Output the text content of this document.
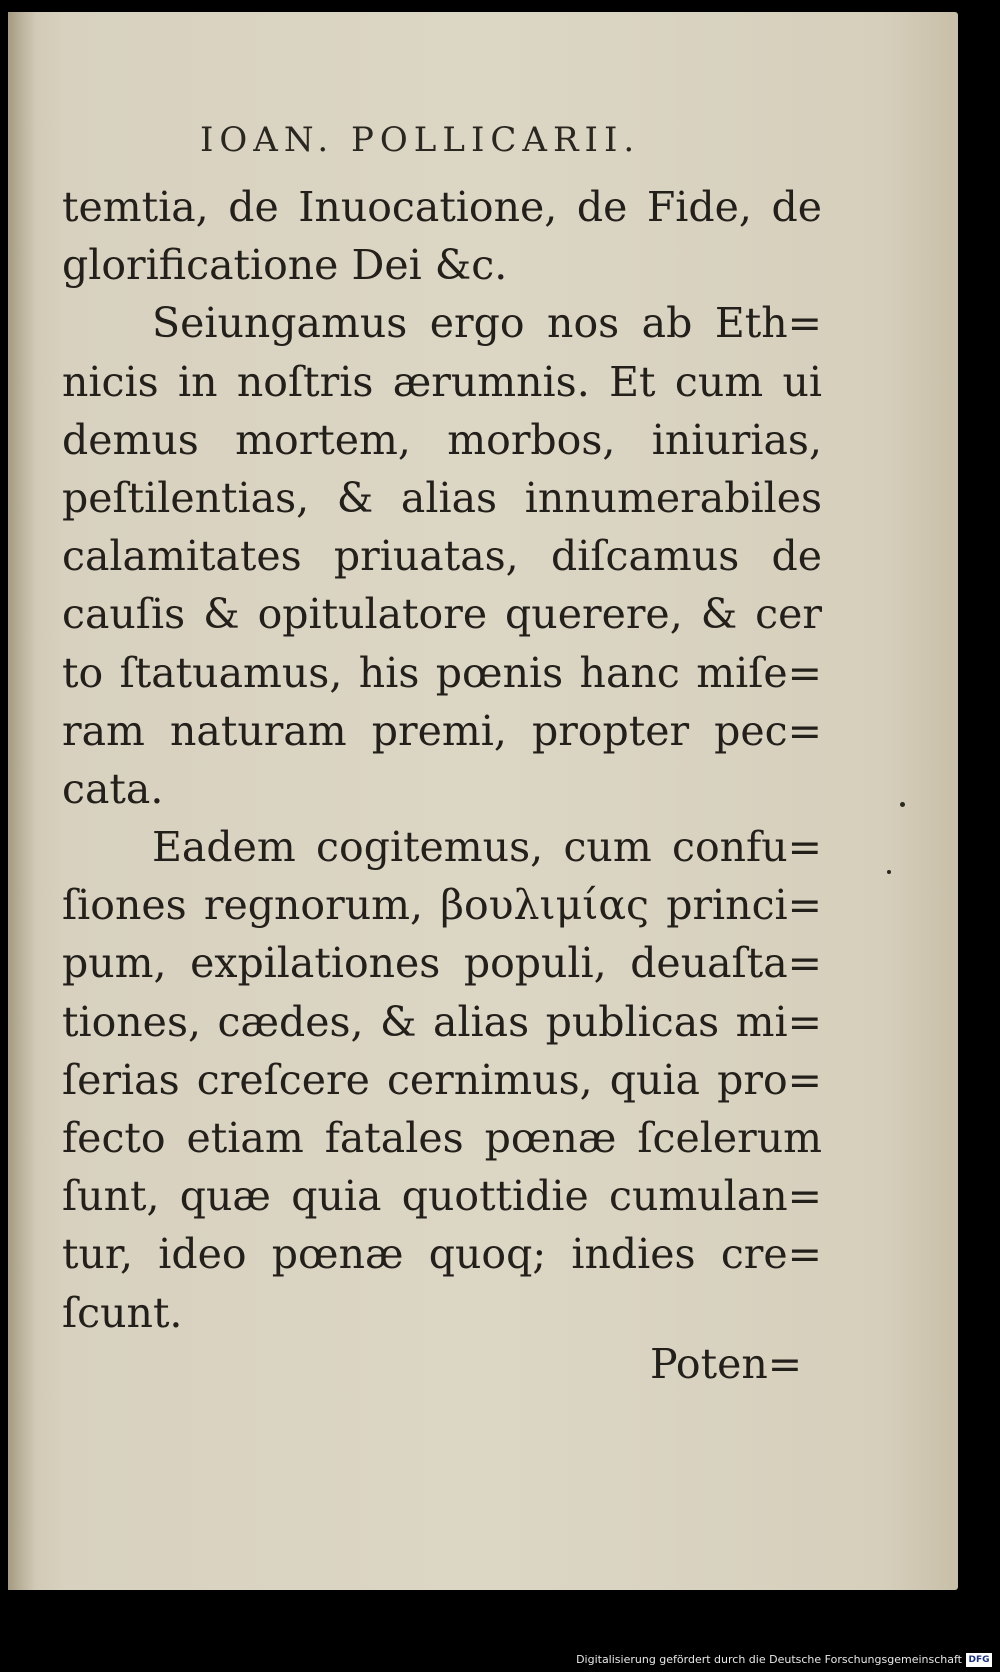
IOAN. POLLICARII.
temtia, de Inuocatione, de Fide, de
glorificatione Dei &c.
Seiungamus ergo nos ab Eth=
nicis in noſtris ærumnis. Et cum ui
demus mortem, morbos, iniurias,
peſtilentias, & alias innumerabiles
calamitates priuatas, diſcamus de
cauſis & opitulatore querere, & cer
to ſtatuamus, his pœnis hanc miſe=
ram naturam premi, propter pec=
cata.
Eadem cogitemus, cum confu=
ſiones regnorum, βουλιμίας princi=
pum, expilationes populi, deuaſta=
tiones, cædes, & alias publicas mi=
ſerias creſcere cernimus, quia pro=
fecto etiam fatales pœnæ ſcelerum
ſunt, quæ quia quottidie cumulan=
tur, ideo pœnæ quoq; indies cre=
ſcunt.
Poten=
Digitalisierung gefördert durch die Deutsche Forschungsgemeinschaft DFG
